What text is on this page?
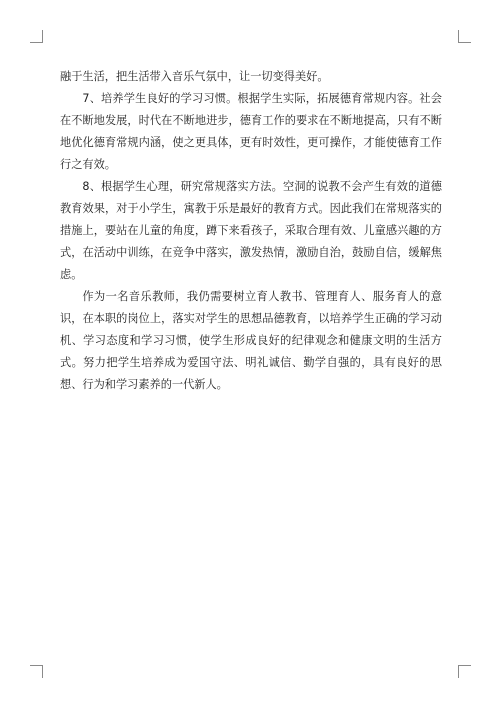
融于生活，把生活带入音乐气氛中，让一切变得美好。

7、培养学生良好的学习习惯。根据学生实际，拓展德育常规内容。社会在不断地发展，时代在不断地进步，德育工作的要求在不断地提高，只有不断地优化德育常规内涵，使之更具体，更有时效性，更可操作，才能使德育工作行之有效。

8、根据学生心理，研究常规落实方法。空洞的说教不会产生有效的道德教育效果，对于小学生，寓教于乐是最好的教育方式。因此我们在常规落实的措施上，要站在儿童的角度，蹲下来看孩子，采取合理有效、儿童感兴趣的方式，在活动中训练，在竞争中落实，激发热情，激励自治，鼓励自信，缓解焦虑。

作为一名音乐教师，我仍需要树立育人教书、管理育人、服务育人的意识，在本职的岗位上，落实对学生的思想品德教育，以培养学生正确的学习动机、学习态度和学习习惯，使学生形成良好的纪律观念和健康文明的生活方式。努力把学生培养成为爱国守法、明礼诚信、勤学自强的，具有良好的思想、行为和学习素养的一代新人。
